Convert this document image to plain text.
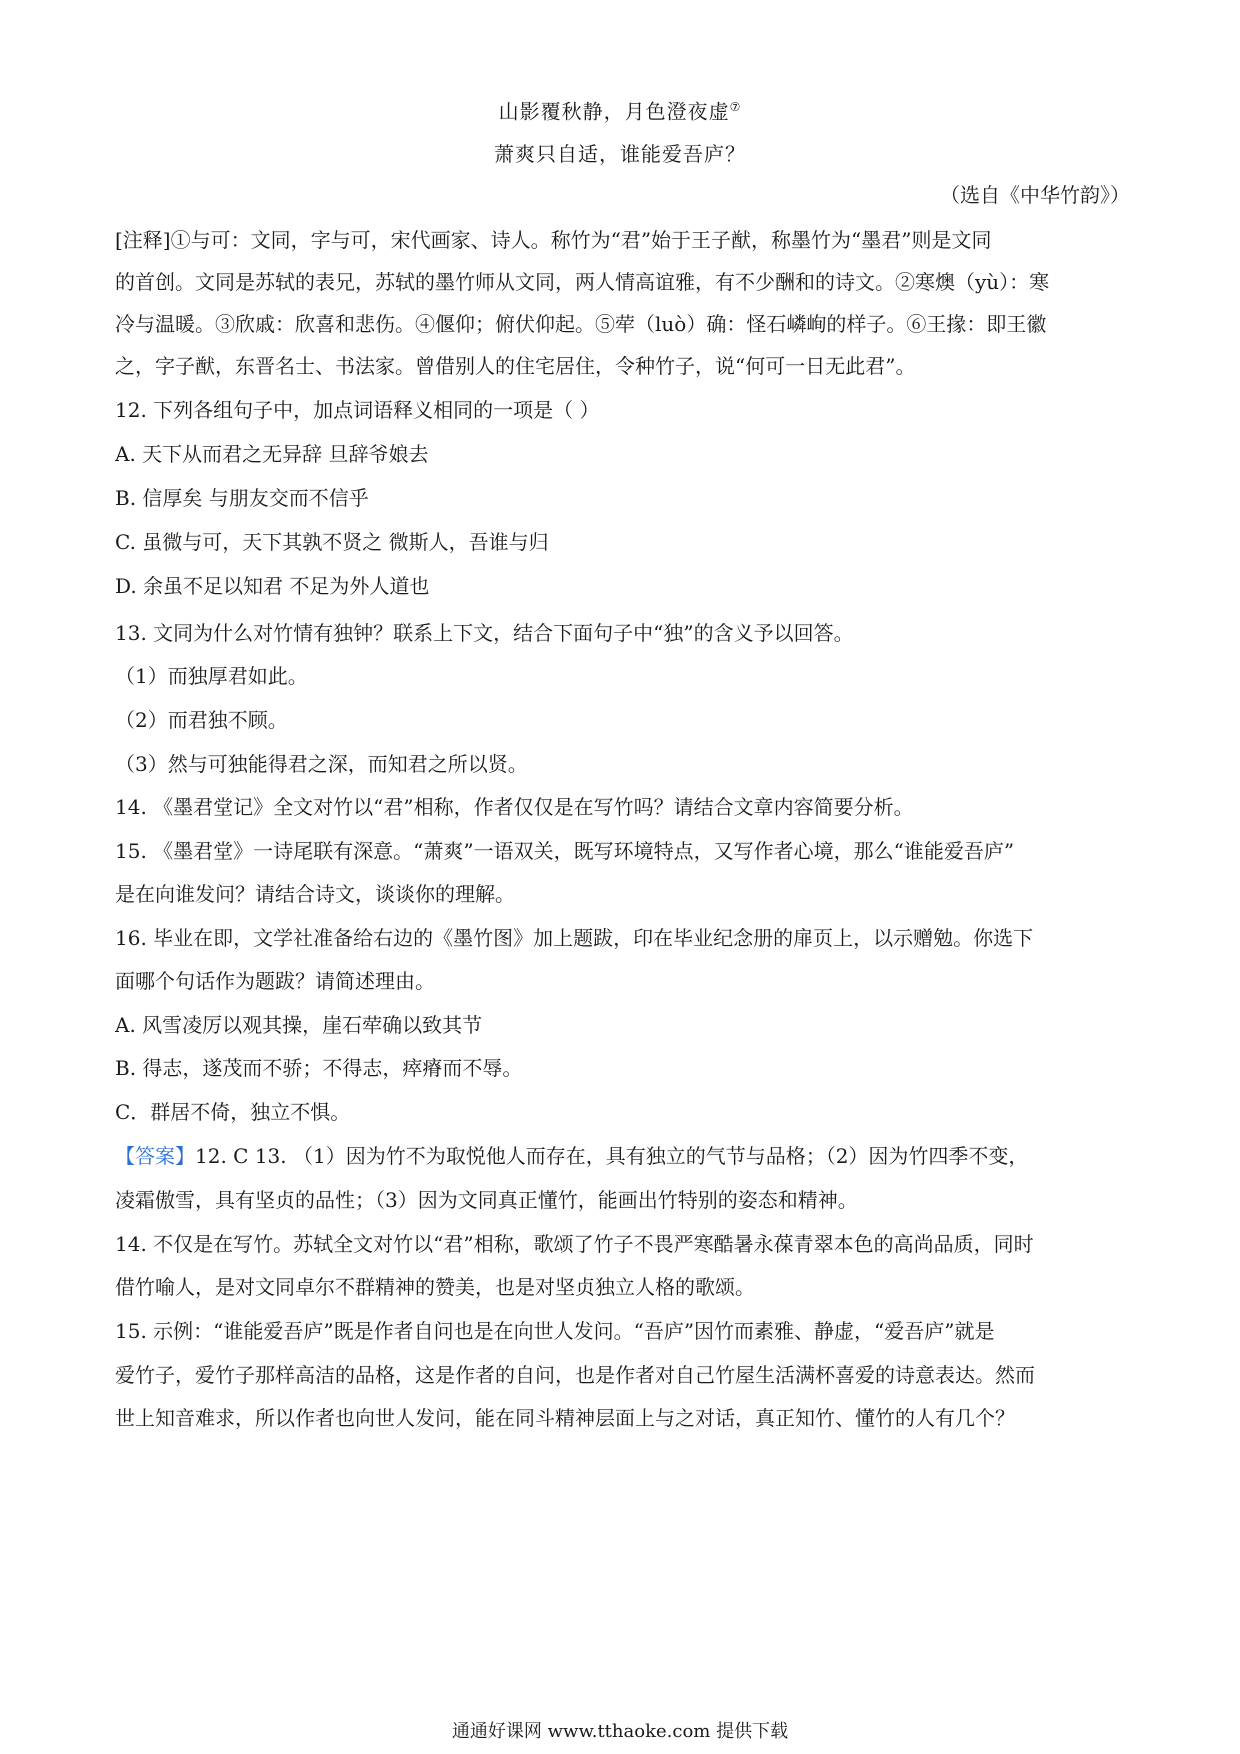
山影覆秋静，月色澄夜虚⑦
萧爽只自适，谁能爱吾庐？
（选自《中华竹韵》）
[注释]①与可：文同，字与可，宋代画家、诗人。称竹为“君”始于王子猷，称墨竹为“墨君”则是文同
的首创。文同是苏轼的表兄，苏轼的墨竹师从文同，两人情高谊雅，有不少酬和的诗文。②寒燠（yù）：寒
冷与温暖。③欣戚：欣喜和悲伤。④偃仰；俯伏仰起。⑤荦（luò）确：怪石嶙峋的样子。⑥王掾：即王徽
之，字子猷，东晋名士、书法家。曾借别人的住宅居住，令种竹子，说“何可一日无此君”。
12. 下列各组句子中，加点词语释义相同的一项是（ ）
A. 天下从而君之无异辞 旦辞爷娘去
B. 信厚矣 与朋友交而不信乎
C. 虽微与可，天下其孰不贤之 微斯人，吾谁与归
D. 余虽不足以知君 不足为外人道也
13. 文同为什么对竹情有独钟？联系上下文，结合下面句子中“独”的含义予以回答。
（1）而独厚君如此。
（2）而君独不顾。
（3）然与可独能得君之深，而知君之所以贤。
14. 《墨君堂记》全文对竹以“君”相称，作者仅仅是在写竹吗？请结合文章内容简要分析。
15. 《墨君堂》一诗尾联有深意。“萧爽”一语双关，既写环境特点，又写作者心境，那么“谁能爱吾庐”
是在向谁发问？请结合诗文，谈谈你的理解。
16. 毕业在即，文学社准备给右边的《墨竹图》加上题跋，印在毕业纪念册的扉页上，以示赠勉。你选下
面哪个句话作为题跋？请简述理由。
A. 风雪凌厉以观其操，崖石荦确以致其节
B. 得志，遂茂而不骄；不得志，瘁瘠而不辱。
C．群居不倚，独立不惧。
【答案】12. C 13. （1）因为竹不为取悦他人而存在，具有独立的气节与品格；（2）因为竹四季不变，
凌霜傲雪，具有坚贞的品性；（3）因为文同真正懂竹，能画出竹特别的姿态和精神。
14. 不仅是在写竹。苏轼全文对竹以“君”相称，歌颂了竹子不畏严寒酷暑永葆青翠本色的高尚品质，同时
借竹喻人，是对文同卓尔不群精神的赞美，也是对坚贞独立人格的歌颂。
15. 示例：“谁能爱吾庐”既是作者自问也是在向世人发问。“吾庐”因竹而素雅、静虚，“爱吾庐”就是
爱竹子，爱竹子那样高洁的品格，这是作者的自问，也是作者对自己竹屋生活满杯喜爱的诗意表达。然而
世上知音难求，所以作者也向世人发问，能在同斗精神层面上与之对话，真正知竹、懂竹的人有几个？
通通好课网 www.tthaoke.com 提供下载
